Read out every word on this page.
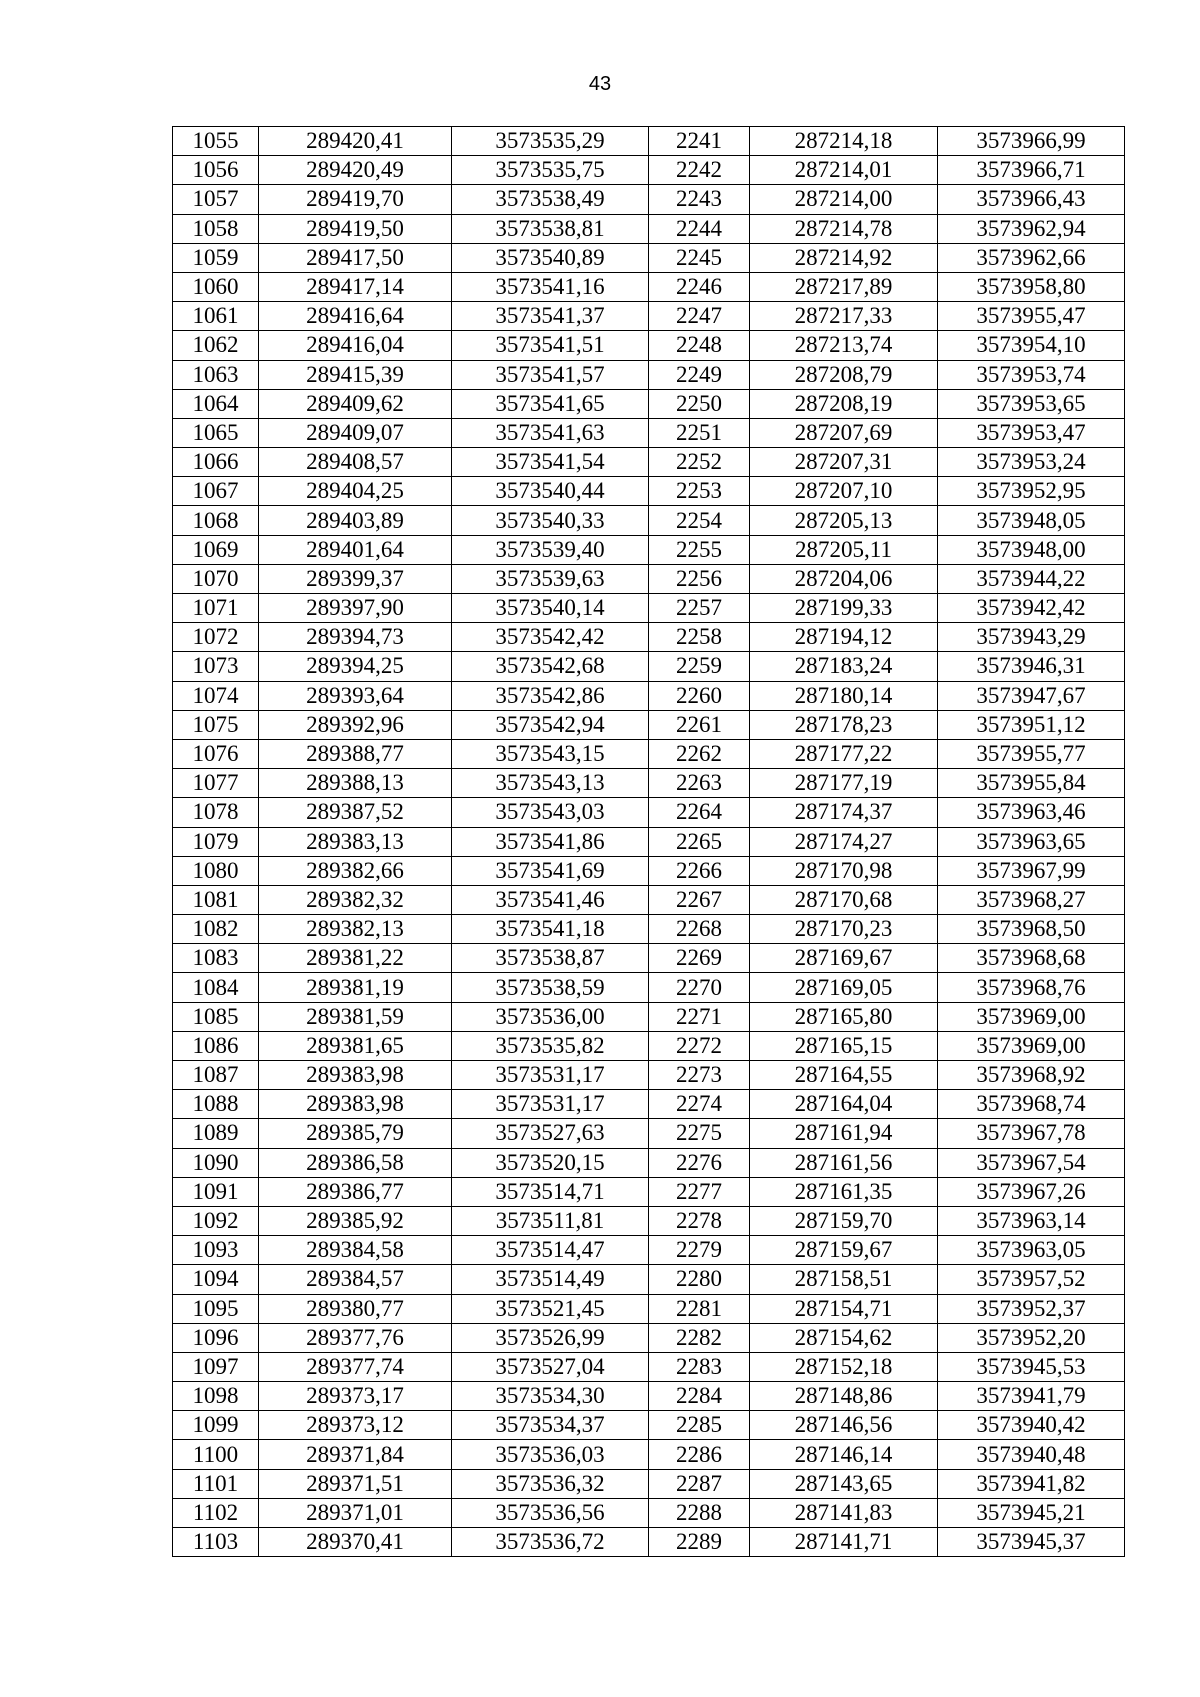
43
1055	289420,41	3573535,29	2241	287214,18	3573966,99
1056	289420,49	3573535,75	2242	287214,01	3573966,71
1057	289419,70	3573538,49	2243	287214,00	3573966,43
1058	289419,50	3573538,81	2244	287214,78	3573962,94
1059	289417,50	3573540,89	2245	287214,92	3573962,66
1060	289417,14	3573541,16	2246	287217,89	3573958,80
1061	289416,64	3573541,37	2247	287217,33	3573955,47
1062	289416,04	3573541,51	2248	287213,74	3573954,10
1063	289415,39	3573541,57	2249	287208,79	3573953,74
1064	289409,62	3573541,65	2250	287208,19	3573953,65
1065	289409,07	3573541,63	2251	287207,69	3573953,47
1066	289408,57	3573541,54	2252	287207,31	3573953,24
1067	289404,25	3573540,44	2253	287207,10	3573952,95
1068	289403,89	3573540,33	2254	287205,13	3573948,05
1069	289401,64	3573539,40	2255	287205,11	3573948,00
1070	289399,37	3573539,63	2256	287204,06	3573944,22
1071	289397,90	3573540,14	2257	287199,33	3573942,42
1072	289394,73	3573542,42	2258	287194,12	3573943,29
1073	289394,25	3573542,68	2259	287183,24	3573946,31
1074	289393,64	3573542,86	2260	287180,14	3573947,67
1075	289392,96	3573542,94	2261	287178,23	3573951,12
1076	289388,77	3573543,15	2262	287177,22	3573955,77
1077	289388,13	3573543,13	2263	287177,19	3573955,84
1078	289387,52	3573543,03	2264	287174,37	3573963,46
1079	289383,13	3573541,86	2265	287174,27	3573963,65
1080	289382,66	3573541,69	2266	287170,98	3573967,99
1081	289382,32	3573541,46	2267	287170,68	3573968,27
1082	289382,13	3573541,18	2268	287170,23	3573968,50
1083	289381,22	3573538,87	2269	287169,67	3573968,68
1084	289381,19	3573538,59	2270	287169,05	3573968,76
1085	289381,59	3573536,00	2271	287165,80	3573969,00
1086	289381,65	3573535,82	2272	287165,15	3573969,00
1087	289383,98	3573531,17	2273	287164,55	3573968,92
1088	289383,98	3573531,17	2274	287164,04	3573968,74
1089	289385,79	3573527,63	2275	287161,94	3573967,78
1090	289386,58	3573520,15	2276	287161,56	3573967,54
1091	289386,77	3573514,71	2277	287161,35	3573967,26
1092	289385,92	3573511,81	2278	287159,70	3573963,14
1093	289384,58	3573514,47	2279	287159,67	3573963,05
1094	289384,57	3573514,49	2280	287158,51	3573957,52
1095	289380,77	3573521,45	2281	287154,71	3573952,37
1096	289377,76	3573526,99	2282	287154,62	3573952,20
1097	289377,74	3573527,04	2283	287152,18	3573945,53
1098	289373,17	3573534,30	2284	287148,86	3573941,79
1099	289373,12	3573534,37	2285	287146,56	3573940,42
1100	289371,84	3573536,03	2286	287146,14	3573940,48
1101	289371,51	3573536,32	2287	287143,65	3573941,82
1102	289371,01	3573536,56	2288	287141,83	3573945,21
1103	289370,41	3573536,72	2289	287141,71	3573945,37
